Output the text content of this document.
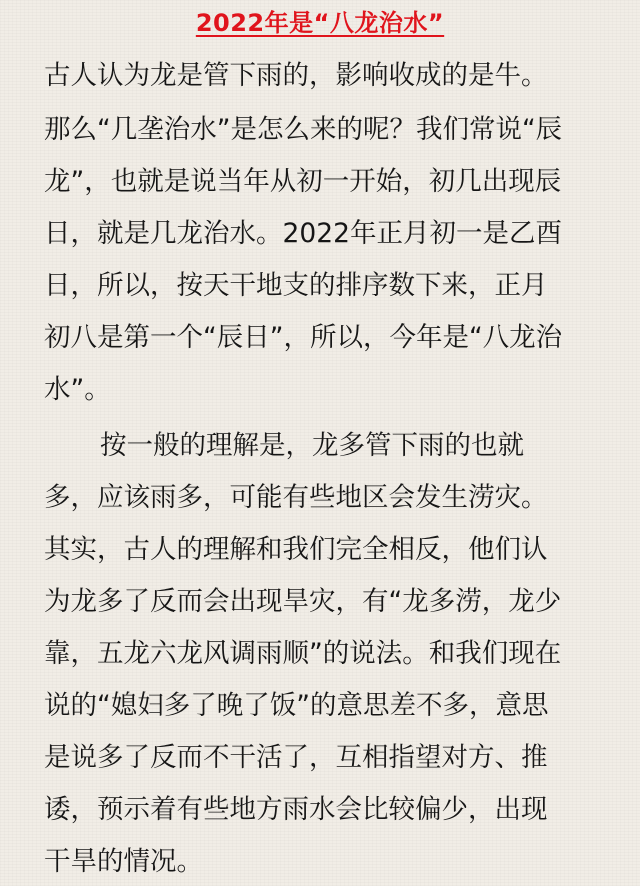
2022年是“八龙治水”
古人认为龙是管下雨的，影响收成的是牛。
那么“几垄治水”是怎么来的呢？我们常说“辰
龙”，也就是说当年从初一开始，初几出现辰
日，就是几龙治水。2022年正月初一是乙酉
日，所以，按天干地支的排序数下来，正月
初八是第一个“辰日”，所以，今年是“八龙治
水”。
按一般的理解是，龙多管下雨的也就
多，应该雨多，可能有些地区会发生涝灾。
其实，古人的理解和我们完全相反，他们认
为龙多了反而会出现旱灾，有“龙多涝，龙少
靠，五龙六龙风调雨顺”的说法。和我们现在
说的“媳妇多了晚了饭”的意思差不多，意思
是说多了反而不干活了，互相指望对方、推
诿，预示着有些地方雨水会比较偏少，出现
干旱的情况。
